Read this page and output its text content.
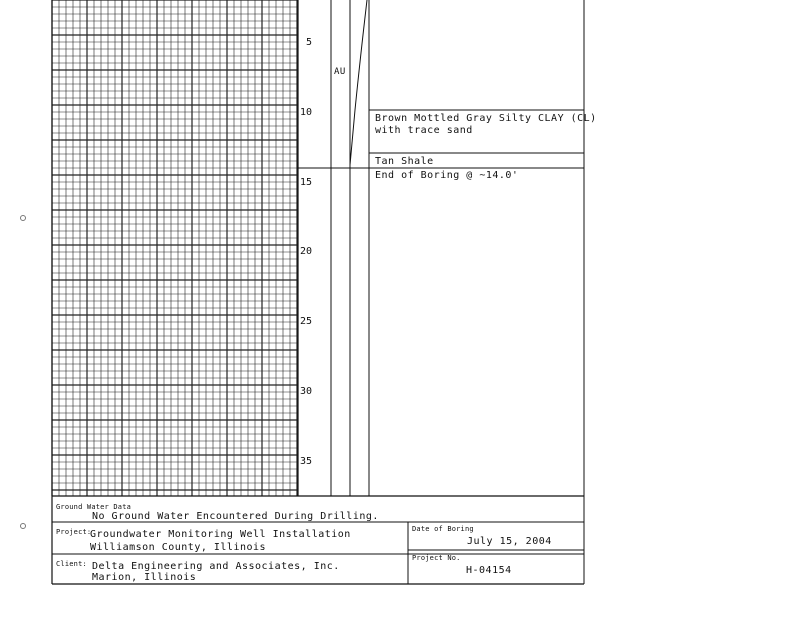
5
10
15
20
25
30
35
AU
Brown Mottled Gray Silty CLAY (CL)
with trace sand
Tan Shale
End of Boring @ ~14.0'
Ground Water Data
No Ground Water Encountered During Drilling.
Project:
Groundwater Monitoring Well Installation
Williamson County, Illinois
Date of Boring
July 15, 2004
Client: Delta Engineering and Associates, Inc.
Marion, Illinois
Project No.
H-04154
